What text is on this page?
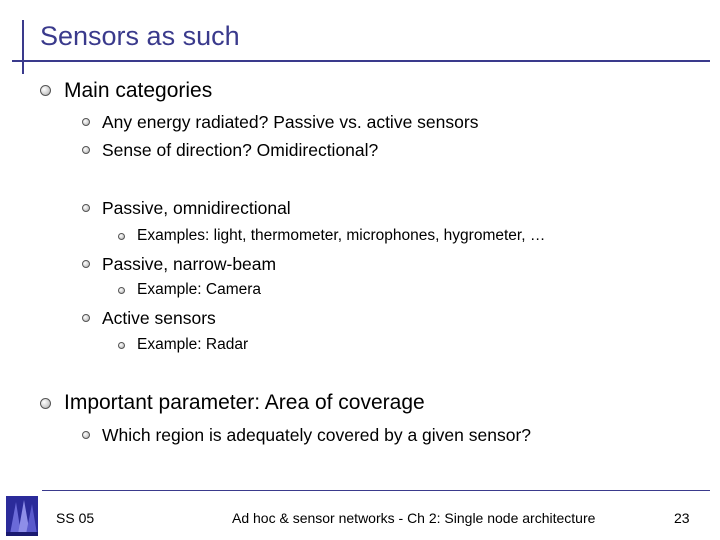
Sensors as such
Main categories
Any energy radiated? Passive vs. active sensors
Sense of direction? Omidirectional?
Passive, omnidirectional
Examples: light, thermometer, microphones, hygrometer, …
Passive, narrow-beam
Example: Camera
Active sensors
Example: Radar
Important parameter: Area of coverage
Which region is adequately covered by a given sensor?
SS 05	Ad hoc & sensor networks - Ch 2: Single node architecture	23
